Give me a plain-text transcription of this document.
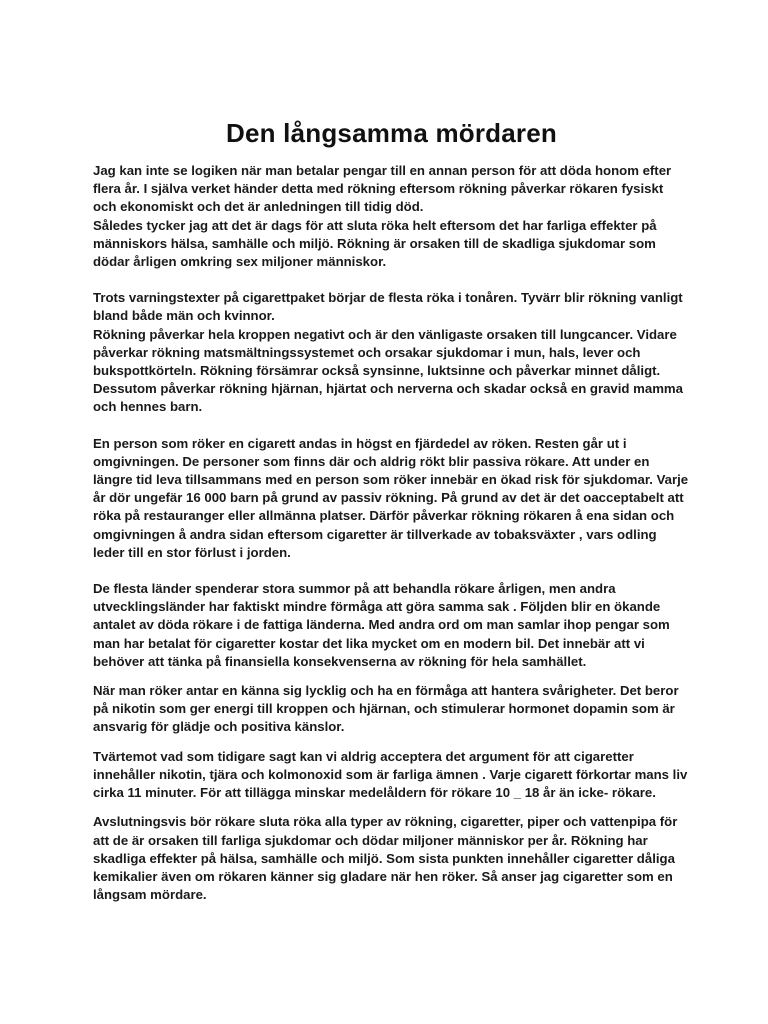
Den långsamma mördaren

Jag kan inte se logiken när man betalar pengar till en annan person för att döda honom efter flera år. I själva verket händer detta med rökning eftersom rökning påverkar rökaren fysiskt och ekonomiskt och det är anledningen till tidig död.

Således tycker jag att det är dags för att sluta röka helt eftersom det har farliga effekter på människors hälsa, samhälle och miljö. Rökning är orsaken till de skadliga sjukdomar som dödar årligen omkring sex miljoner människor.

Trots varningstexter på cigarettpaket börjar de flesta röka i tonåren. Tyvärr blir rökning vanligt bland både män och kvinnor.

Rökning påverkar hela kroppen negativt och är den vänligaste orsaken till lungcancer. Vidare påverkar rökning matsmältningssystemet och orsakar sjukdomar i mun, hals, lever och bukspottkörteln. Rökning försämrar också synsinne, luktsinne och påverkar minnet dåligt. Dessutom påverkar rökning hjärnan, hjärtat och nerverna och skadar också en gravid mamma och hennes barn.

En person som röker en cigarett andas in högst en fjärdedel av röken. Resten går ut i omgivningen. De personer som finns där och aldrig rökt blir passiva rökare. Att under en längre tid leva tillsammans med en person som röker innebär en ökad risk för sjukdomar. Varje år dör ungefär 16 000 barn på grund av passiv rökning. På grund av det är det oacceptabelt att röka på restauranger eller allmänna platser. Därför påverkar rökning rökaren å ena sidan och omgivningen å andra sidan eftersom cigaretter är tillverkade av tobaksväxter , vars odling leder till en stor förlust i jorden.

De flesta länder spenderar stora summor på att behandla rökare årligen, men andra utvecklingsländer har faktiskt mindre förmåga att göra samma sak . Följden blir en ökande antalet av döda rökare i de fattiga länderna. Med andra ord om man samlar ihop pengar som man har betalat för cigaretter kostar det lika mycket om en modern bil. Det innebär att vi behöver att tänka på finansiella konsekvenserna av rökning för hela samhället.

När man röker antar en känna sig lycklig och ha en förmåga att hantera svårigheter. Det beror på nikotin som ger energi till kroppen och hjärnan, och stimulerar hormonet dopamin som är ansvarig för glädje och positiva känslor.

Tvärtemot vad som tidigare sagt kan vi aldrig acceptera det argument för att cigaretter innehåller nikotin, tjära och kolmonoxid som är farliga ämnen . Varje cigarett förkortar mans liv cirka 11 minuter. För att tillägga minskar medelåldern för rökare 10 _ 18 år än icke- rökare.

Avslutningsvis bör rökare sluta röka alla typer av rökning, cigaretter, piper och vattenpipa för att de är orsaken till farliga sjukdomar och dödar miljoner människor per år. Rökning har skadliga effekter på hälsa, samhälle och miljö. Som sista punkten innehåller cigaretter dåliga kemikalier även om rökaren känner sig gladare när hen röker. Så anser jag cigaretter som en långsam mördare.
